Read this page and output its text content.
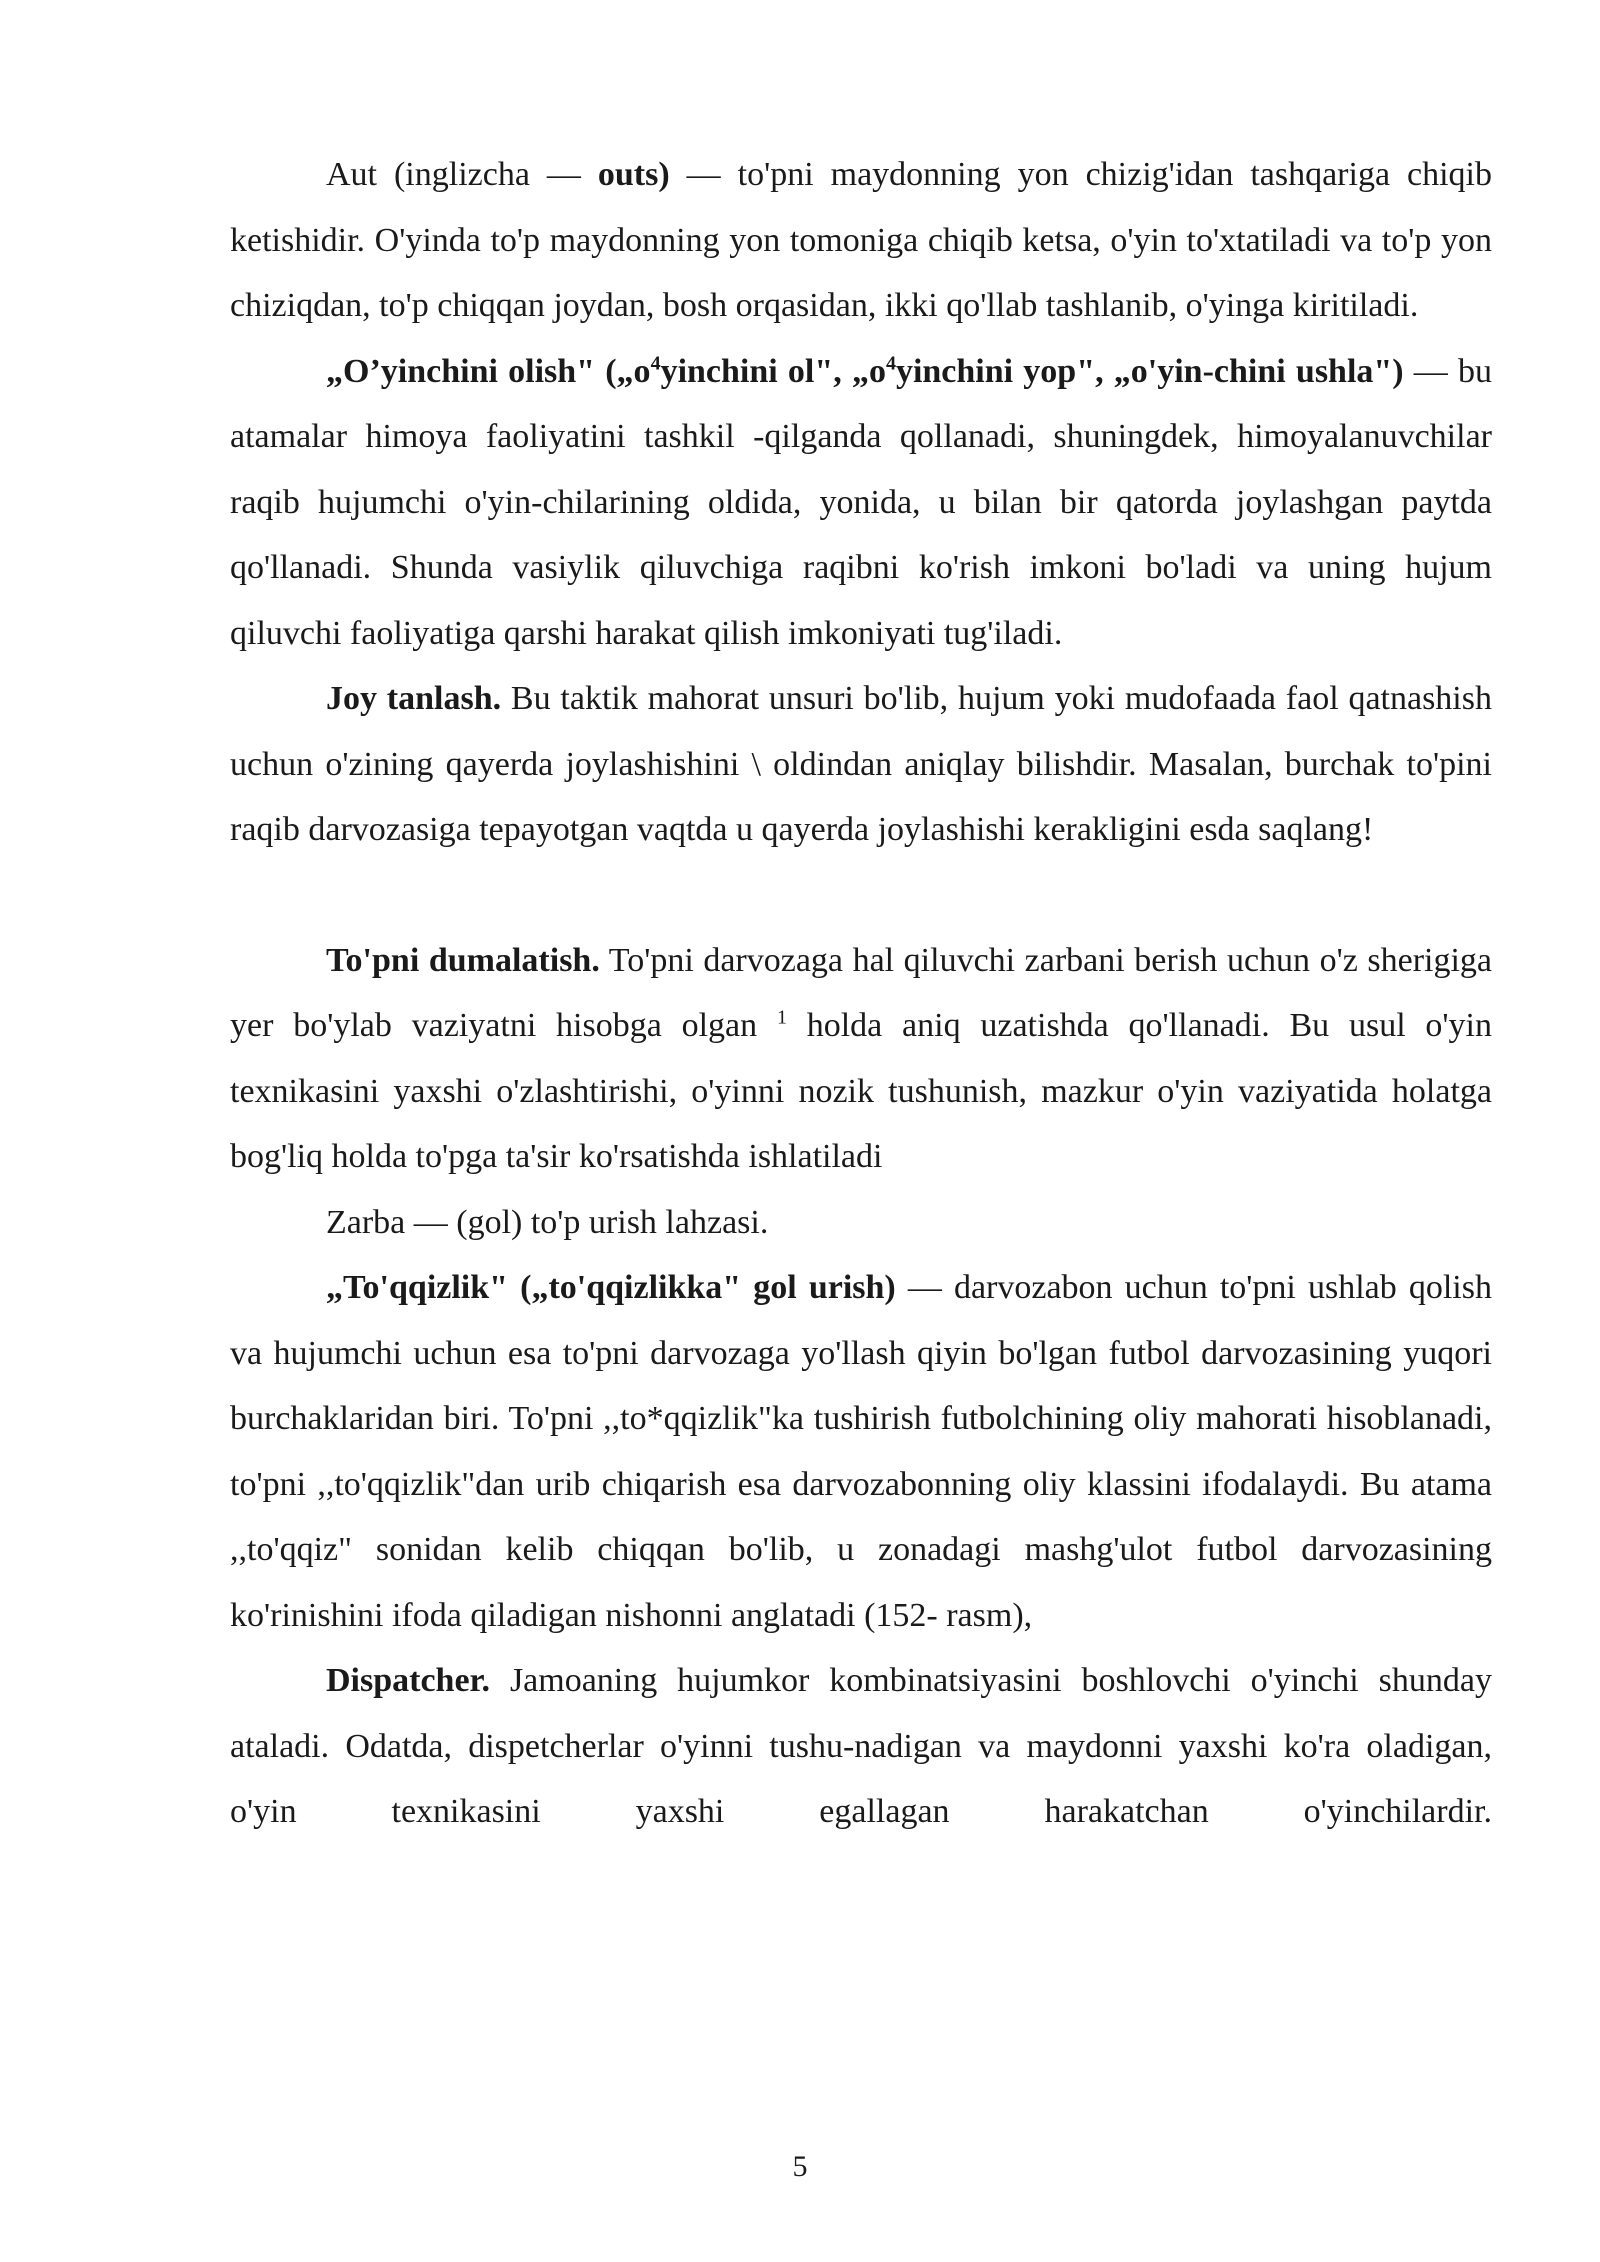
Aut (inglizcha — outs) — to'pni maydonning yon chizig'idan tashqariga chiqib ketishidir. O'yinda to'p maydonning yon tomoniga chiqib ketsa, o'yin to'xtatiladi va to'p yon chiziqdan, to'p chiqqan joydan, bosh orqasidan, ikki qo'llab tashlanib, o'yinga kiritiladi.

„O’yinchini olish" ($„o^4yinchini$ ol", $„o^4yinchini$ yop", „o'yin-chini ushla") — bu atamalar himoya faoliyatini tashkil -qilganda qollanadi, shuningdek, himoyalanuvchilar raqib hujumchi o'yin-chilarining oldida, yonida, u bilan bir qatorda joylashgan paytda qo'llanadi. Shunda vasiylik qiluvchiga raqibni ko'rish imkoni bo'ladi va uning hujum qiluvchi faoliyatiga qarshi harakat qilish imkoniyati tug'iladi.

Joy tanlash. Bu taktik mahorat unsuri bo'lib, hujum yoki mudofaada faol qatnashish uchun o'zining qayerda joylashishini \ oldindan aniqlay bilishdir. Masalan, burchak to'pini raqib darvozasiga tepayotgan vaqtda u qayerda joylashishi kerakligini esda saqlang!

To'pni dumalatish. To'pni darvozaga hal qiluvchi zarbani berish uchun o'z sherigiga yer bo'ylab vaziyatni hisobga olgan $^1$ holda aniq uzatishda qo'llanadi. Bu usul o'yin texnikasini yaxshi o'zlashtirishi, o'yinni nozik tushunish, mazkur o'yin vaziyatida holatga bog'liq holda to'pga ta'sir ko'rsatishda ishlatiladi

Zarba — (gol) to'p urish lahzasi.

„To'qqizlik" („to'qqizlikka" gol urish) — darvozabon uchun to'pni ushlab qolish va hujumchi uchun esa to'pni darvozaga yo'llash qiyin bo'lgan futbol darvozasining yuqori burchaklaridan biri. To'pni ,,to*qqizlik"ka tushirish futbolchining oliy mahorati hisoblanadi, to'pni ,,to'qqizlik"dan urib chiqarish esa darvozabonning oliy klassini ifodalaydi. Bu atama ,,to'qqiz" sonidan kelib chiqqan bo'lib, u zonadagi mashg'ulot futbol darvozasining ko'rinishini ifoda qiladigan nishonni anglatadi (152- rasm),

Dispatcher. Jamoaning hujumkor kombinatsiyasini boshlovchi o'yinchi shunday ataladi. Odatda, dispetcherlar o'yinni tushu-nadigan va maydonni yaxshi ko'ra oladigan, o'yin texnikasini yaxshi egallagan harakatchan o'yinchilardir.

5
